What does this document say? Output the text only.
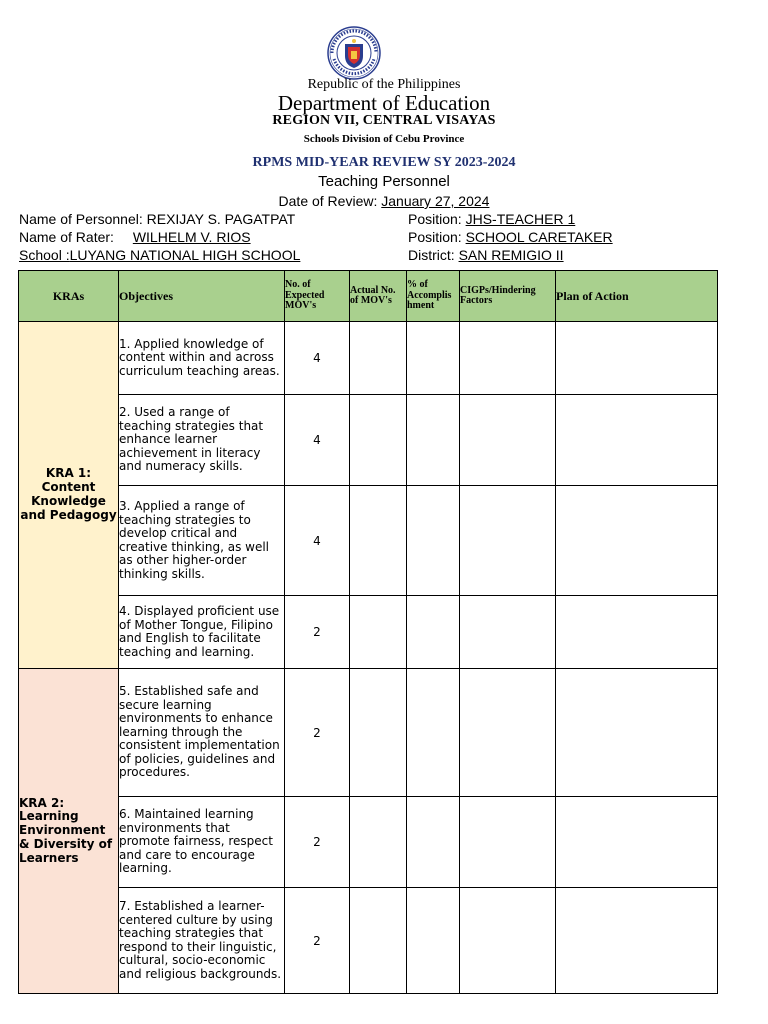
Republic of the Philippines
Department of Education
REGION VII, CENTRAL VISAYAS
Schools Division of Cebu Province
RPMS MID-YEAR REVIEW SY 2023-2024
Teaching Personnel
Date of Review: January 27, 2024
Name of Personnel: REXIJAY S. PAGATPAT	Position: JHS-TEACHER 1
Name of Rater: WILHELM V. RIOS	Position: SCHOOL CARETAKER
School :LUYANG NATIONAL HIGH SCHOOL	District: SAN REMIGIO II
KRAs	Objectives	No. of Expected MOV's	Actual No. of MOV's	% of Accomplis hment	CIGPs/Hindering Factors	Plan of Action
KRA 1: Content Knowledge and Pedagogy	1. Applied knowledge of content within and across curriculum teaching areas.	4				
	2. Used a range of teaching strategies that enhance learner achievement in literacy and numeracy skills.	4				
	3. Applied a range of teaching strategies to develop critical and creative thinking, as well as other higher-order thinking skills.	4				
	4. Displayed proficient use of Mother Tongue, Filipino and English to facilitate teaching and learning.	2				
KRA 2: Learning Environment & Diversity of Learners	5. Established safe and secure learning environments to enhance learning through the consistent implementation of policies, guidelines and procedures.	2				
	6. Maintained learning environments that promote fairness, respect and care to encourage learning.	2				
	7. Established a learner-centered culture by using teaching strategies that respond to their linguistic, cultural, socio-economic and religious backgrounds.	2				
